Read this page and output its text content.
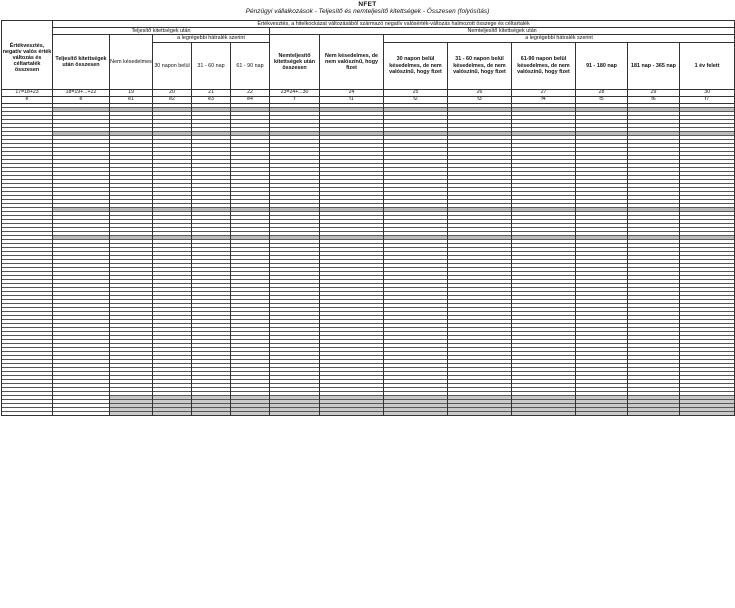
NFET
Pénzügyi vállalkozások - Teljesítő és nemteljesítő kitettségek - Összesen (folyósítás)
	Értékvesztés, a hitelkockázat változásából származó negatív valósérték-változás halmozott összege és céltartalék												
Értékvesztés, negatív valós érték változás és céltartalék összesen	Teljesítő kitettségek után					Nemteljesítő kitettségek után							
	Teljesítő kitettségek után összesen	Nem késedelmes	a legrégebbi hátralék szerint			Nemteljesítő kitettségek után összesen	Nem késedelmes, de nem valószínű, hogy fizet	a legrégebbi hátralék szerint					
			30 napon belül	31 - 60 nap	61 - 90 nap			30 napon belül késedelmes, de nem valószínű, hogy fizet	31 - 60 napon belül késedelmes, de nem valószínű, hogy fizet	61-90 napon belül késedelmes, de nem valószínű, hogy fizet	91 - 180 nap	181 nap - 365 nap	1 év felett
17=18+23	18=19+...+22	19	20	21	22	23=24+...30	24	25	26	27	28	29	30
e	e	e1	e2	e3	e4	f	f1	f2	f3	f4	f5	f6	f7
